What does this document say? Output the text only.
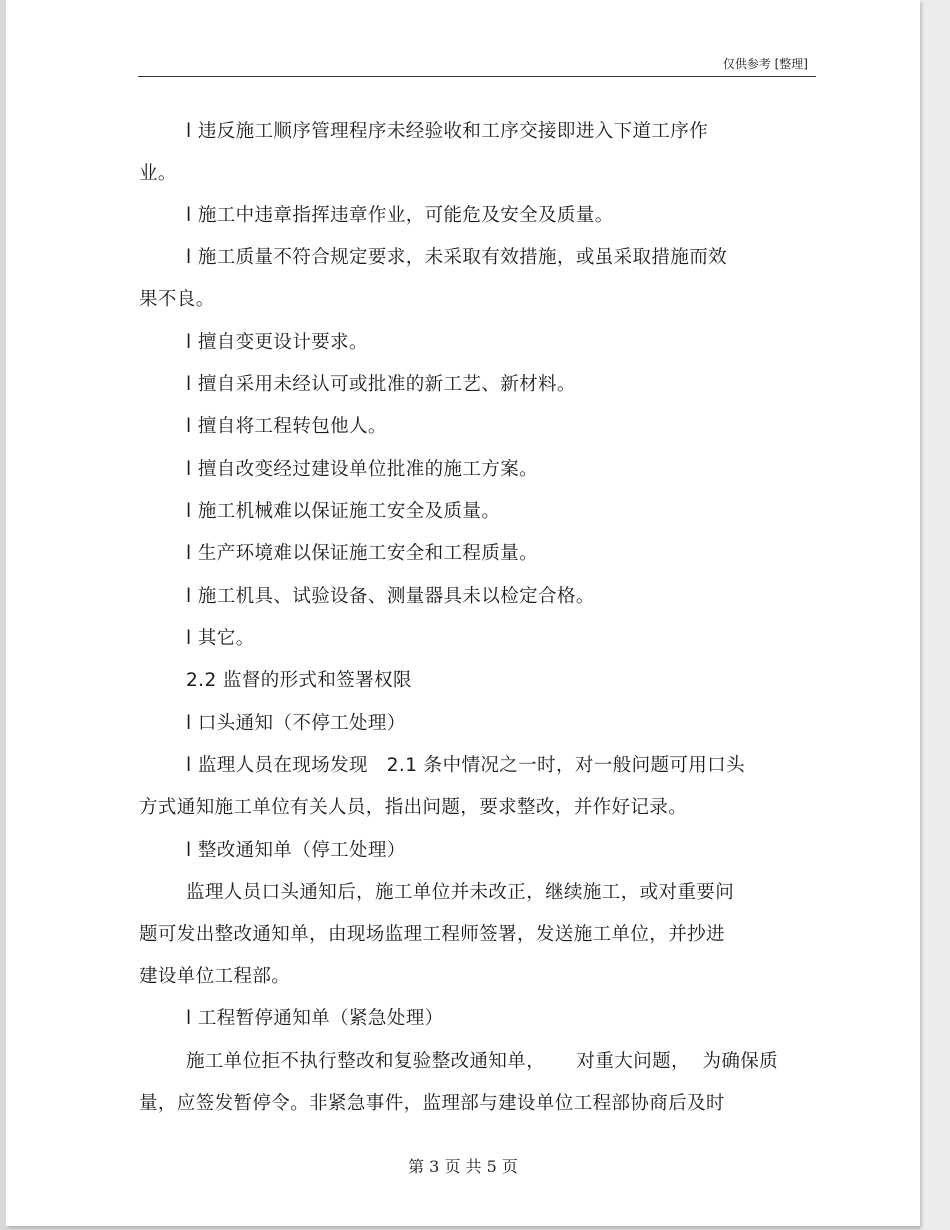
仅供参考 [整理]
l 违反施工顺序管理程序未经验收和工序交接即进入下道工序作
业。
l 施工中违章指挥违章作业，可能危及安全及质量。
l 施工质量不符合规定要求，未采取有效措施，或虽采取措施而效
果不良。
l 擅自变更设计要求。
l 擅自采用未经认可或批准的新工艺、新材料。
l 擅自将工程转包他人。
l 擅自改变经过建设单位批准的施工方案。
l 施工机械难以保证施工安全及质量。
l 生产环境难以保证施工安全和工程质量。
l 施工机具、试验设备、测量器具未以检定合格。
l 其它。
2.2 监督的形式和签署权限
l 口头通知（不停工处理）
l 监理人员在现场发现   2.1 条中情况之一时，对一般问题可用口头
方式通知施工单位有关人员，指出问题，要求整改，并作好记录。
l 整改通知单（停工处理）
监理人员口头通知后，施工单位并未改正，继续施工，或对重要问
题可发出整改通知单，由现场监理工程师签署，发送施工单位，并抄进
建设单位工程部。
l 工程暂停通知单（紧急处理）
施工单位拒不执行整改和复验整改通知单，     对重大问题，  为确保质
量，应签发暂停令。非紧急事件，监理部与建设单位工程部协商后及时
第 3 页 共 5 页
